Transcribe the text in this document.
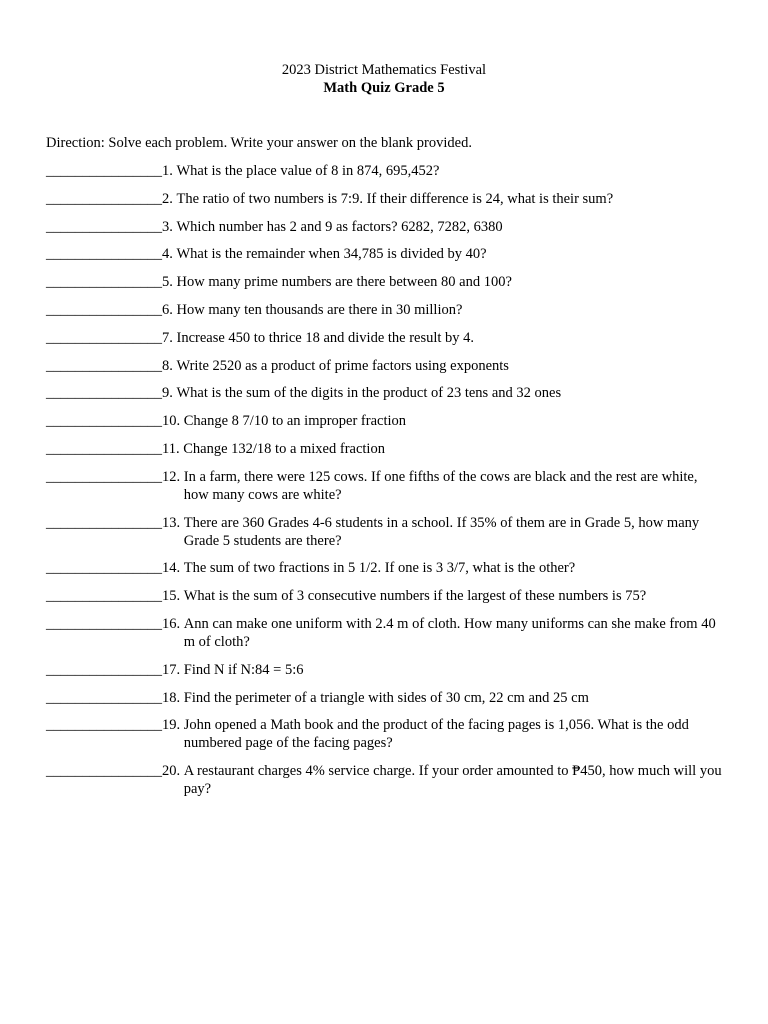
2023 District Mathematics Festival
Math Quiz Grade 5
Direction: Solve each problem. Write your answer on the blank provided.
________________ 1.
What is the place value of 8 in 874, 695,452?
________________ 2.
The ratio of two numbers is 7:9. If their difference is 24, what is their sum?
________________ 3.
Which number has 2 and 9 as factors? 6282, 7282, 6380
________________ 4.
What is the remainder when 34,785 is divided by 40?
________________ 5.
How many prime numbers are there between 80 and 100?
________________ 6.
How many ten thousands are there in 30 million?
________________ 7.
Increase 450 to thrice 18 and divide the result by 4.
________________ 8.
Write 2520 as a product of prime factors using exponents
________________ 9.
What is the sum of the digits in the product of 23 tens and 32 ones
________________ 10.
Change 8 7/10 to an improper fraction
________________ 11.
Change 132/18 to a mixed fraction
________________ 12.
In a farm, there were 125 cows. If one fifths of the cows are black and the rest are white, how many cows are white?
________________ 13.
There are 360 Grades 4-6 students in a school. If 35% of them are in Grade 5, how many Grade 5 students are there?
________________ 14.
The sum of two fractions in 5 1/2. If one is 3 3/7, what is the other?
________________ 15.
What is the sum of 3 consecutive numbers if the largest of these numbers is 75?
________________ 16.
Ann can make one uniform with 2.4 m of cloth. How many uniforms can she make from 40 m of cloth?
________________ 17.
Find N if N:84 = 5:6
________________ 18.
Find the perimeter of a triangle with sides of 30 cm, 22 cm and 25 cm
________________ 19.
John opened a Math book and the product of the facing pages is 1,056. What is the odd numbered page of the facing pages?
________________ 20.
A restaurant charges 4% service charge. If your order amounted to ₱450, how much will you pay?
